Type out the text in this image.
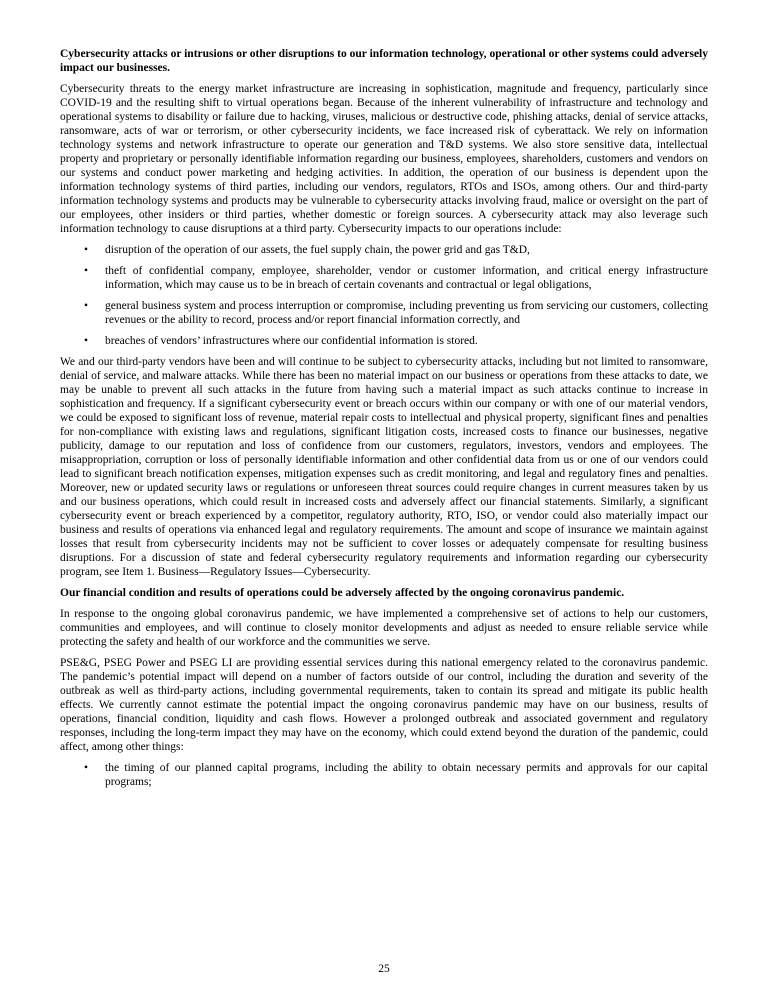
Cybersecurity attacks or intrusions or other disruptions to our information technology, operational or other systems could adversely impact our businesses.

Cybersecurity threats to the energy market infrastructure are increasing in sophistication, magnitude and frequency, particularly since COVID-19 and the resulting shift to virtual operations began. Because of the inherent vulnerability of infrastructure and technology and operational systems to disability or failure due to hacking, viruses, malicious or destructive code, phishing attacks, denial of service attacks, ransomware, acts of war or terrorism, or other cybersecurity incidents, we face increased risk of cyberattack. We rely on information technology systems and network infrastructure to operate our generation and T&D systems. We also store sensitive data, intellectual property and proprietary or personally identifiable information regarding our business, employees, shareholders, customers and vendors on our systems and conduct power marketing and hedging activities. In addition, the operation of our business is dependent upon the information technology systems of third parties, including our vendors, regulators, RTOs and ISOs, among others. Our and third-party information technology systems and products may be vulnerable to cybersecurity attacks involving fraud, malice or oversight on the part of our employees, other insiders or third parties, whether domestic or foreign sources. A cybersecurity attack may also leverage such information technology to cause disruptions at a third party. Cybersecurity impacts to our operations include:

• disruption of the operation of our assets, the fuel supply chain, the power grid and gas T&D,
• theft of confidential company, employee, shareholder, vendor or customer information, and critical energy infrastructure information, which may cause us to be in breach of certain covenants and contractual or legal obligations,
• general business system and process interruption or compromise, including preventing us from servicing our customers, collecting revenues or the ability to record, process and/or report financial information correctly, and
• breaches of vendors’ infrastructures where our confidential information is stored.

We and our third-party vendors have been and will continue to be subject to cybersecurity attacks, including but not limited to ransomware, denial of service, and malware attacks. While there has been no material impact on our business or operations from these attacks to date, we may be unable to prevent all such attacks in the future from having such a material impact as such attacks continue to increase in sophistication and frequency. If a significant cybersecurity event or breach occurs within our company or with one of our material vendors, we could be exposed to significant loss of revenue, material repair costs to intellectual and physical property, significant fines and penalties for non-compliance with existing laws and regulations, significant litigation costs, increased costs to finance our businesses, negative publicity, damage to our reputation and loss of confidence from our customers, regulators, investors, vendors and employees. The misappropriation, corruption or loss of personally identifiable information and other confidential data from us or one of our vendors could lead to significant breach notification expenses, mitigation expenses such as credit monitoring, and legal and regulatory fines and penalties. Moreover, new or updated security laws or regulations or unforeseen threat sources could require changes in current measures taken by us and our business operations, which could result in increased costs and adversely affect our financial statements. Similarly, a significant cybersecurity event or breach experienced by a competitor, regulatory authority, RTO, ISO, or vendor could also materially impact our business and results of operations via enhanced legal and regulatory requirements. The amount and scope of insurance we maintain against losses that result from cybersecurity incidents may not be sufficient to cover losses or adequately compensate for resulting business disruptions. For a discussion of state and federal cybersecurity regulatory requirements and information regarding our cybersecurity program, see Item 1. Business—Regulatory Issues—Cybersecurity.

Our financial condition and results of operations could be adversely affected by the ongoing coronavirus pandemic.

In response to the ongoing global coronavirus pandemic, we have implemented a comprehensive set of actions to help our customers, communities and employees, and will continue to closely monitor developments and adjust as needed to ensure reliable service while protecting the safety and health of our workforce and the communities we serve.

PSE&G, PSEG Power and PSEG LI are providing essential services during this national emergency related to the coronavirus pandemic. The pandemic’s potential impact will depend on a number of factors outside of our control, including the duration and severity of the outbreak as well as third-party actions, including governmental requirements, taken to contain its spread and mitigate its public health effects. We currently cannot estimate the potential impact the ongoing coronavirus pandemic may have on our business, results of operations, financial condition, liquidity and cash flows. However a prolonged outbreak and associated government and regulatory responses, including the long-term impact they may have on the economy, which could extend beyond the duration of the pandemic, could affect, among other things:

• the timing of our planned capital programs, including the ability to obtain necessary permits and approvals for our capital programs;
25
